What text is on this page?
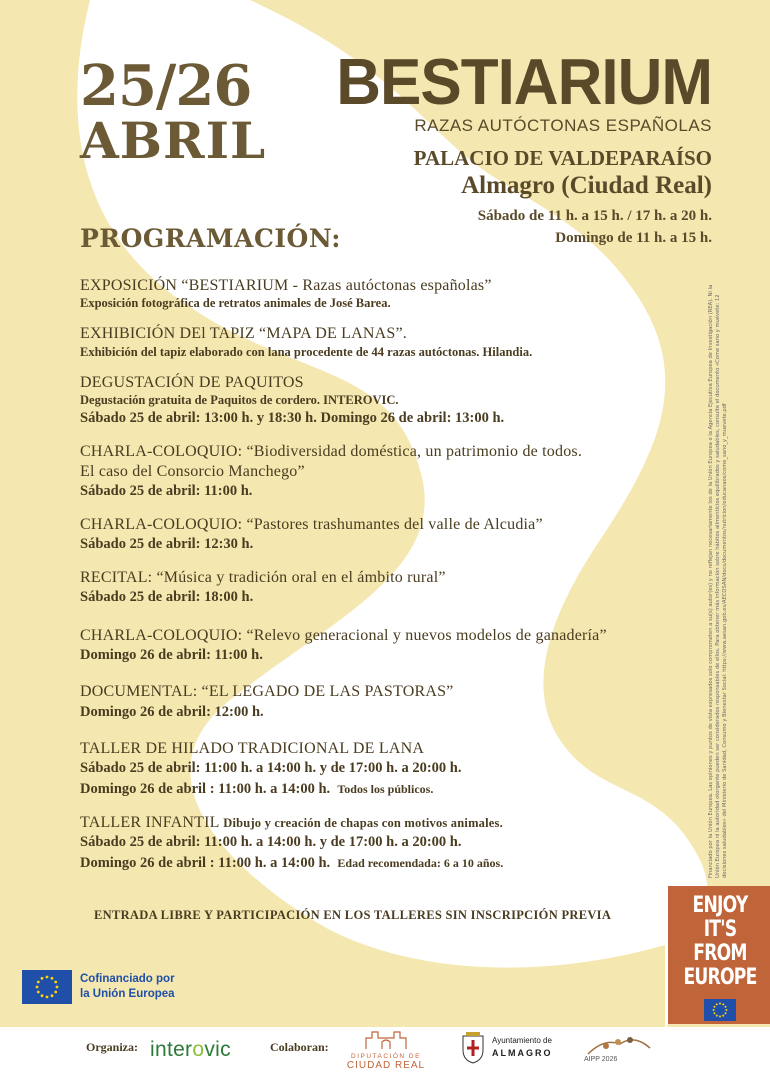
25/26
ABRIL
BESTIARIUM
RAZAS AUTÓCTONAS ESPAÑOLAS
PALACIO DE VALDEPARAÍSO
Almagro (Ciudad Real)
Sábado de 11 h. a 15 h. / 17 h. a 20 h.
Domingo de 11 h. a 15 h.
PROGRAMACIÓN:
EXPOSICIÓN “BESTIARIUM - Razas autóctonas españolas”
Exposición fotográfica de retratos animales de José Barea.
EXHIBICIÓN DEl TAPIZ “MAPA DE LANAS”.
Exhibición del tapiz elaborado con lana procedente de 44 razas autóctonas. Hilandia.
DEGUSTACIÓN DE PAQUITOS
Degustación gratuita de Paquitos de cordero. INTEROVIC.
Sábado 25 de abril: 13:00 h. y 18:30 h. Domingo 26 de abril: 13:00 h.
CHARLA-COLOQUIO: “Biodiversidad doméstica, un patrimonio de todos.
El caso del Consorcio Manchego”
Sábado 25 de abril: 11:00 h.
CHARLA-COLOQUIO: “Pastores trashumantes del valle de Alcudia”
Sábado 25 de abril: 12:30 h.
RECITAL: “Música y tradición oral en el ámbito rural”
Sábado 25 de abril: 18:00 h.
CHARLA-COLOQUIO: “Relevo generacional y nuevos modelos de ganadería”
Domingo 26 de abril: 11:00 h.
DOCUMENTAL: “EL LEGADO DE LAS PASTORAS”
Domingo 26 de abril: 12:00 h.
TALLER DE HILADO TRADICIONAL DE LANA
Sábado 25 de abril: 11:00 h. a 14:00 h. y de 17:00 h. a 20:00 h.
Domingo 26 de abril : 11:00 h. a 14:00 h. Todos los públicos.
TALLER INFANTIL Dibujo y creación de chapas con motivos animales.
Sábado 25 de abril: 11:00 h. a 14:00 h. y de 17:00 h. a 20:00 h.
Domingo 26 de abril : 11:00 h. a 14:00 h. Edad recomendada: 6 a 10 años.
ENTRADA LIBRE Y PARTICIPACIÓN EN LOS TALLERES SIN INSCRIPCIÓN PREVIA
Financiado por la Unión Europea. Las opiniones y puntos de vista expresados solo comprometen a su(s) autor(es) y no reflejan necesariamente los de la Unión Europea o la Agencia Ejecutiva Europea de Investigación (REA). Ni la Unión Europea ni la autoridad otorgante pueden ser considerados responsables de ellos. Para obtener más información sobre hábitos alimenticios equilibrados y saludables, consulte el documento «Come sano y muévete: 12 decisiones saludables» del Ministerio de Sanidad, Consumo y Bienestar Social: https://www.aesan.gob.es/AECOSAN/docs/documentos/nutricion/educanaos/come_sano_y_muevete.pdf
ENJOY
IT'S FROM
EUROPE
Cofinanciado por
la Unión Europea
Organiza: interovic	Colaboran:
DIPUTACIÓN DE
CIUDAD REAL
Ayuntamiento de
ALMAGRO
AIPP 2026
